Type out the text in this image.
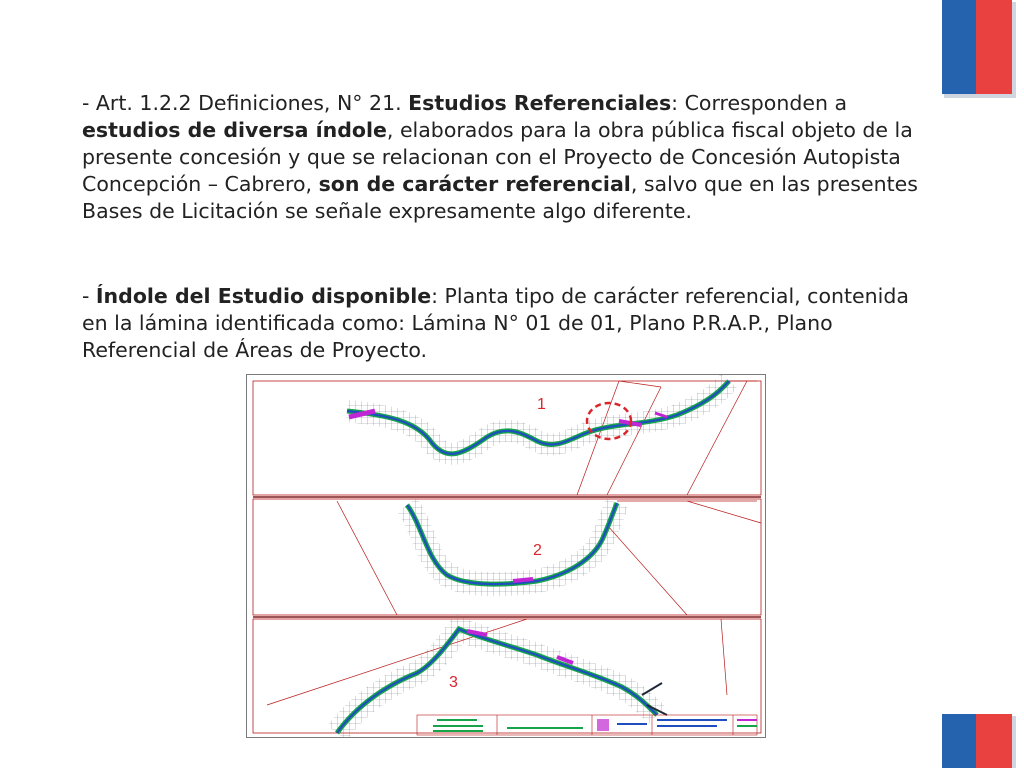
- Art. 1.2.2 Definiciones, N° 21. Estudios Referenciales: Corresponden a estudios de diversa índole, elaborados para la obra pública fiscal objeto de la presente concesión y que se relacionan con el Proyecto de Concesión Autopista Concepción – Cabrero, son de carácter referencial, salvo que en las presentes Bases de Licitación se señale expresamente algo diferente.

- Índole del Estudio disponible: Planta tipo de carácter referencial, contenida en la lámina identificada como: Lámina N° 01 de 01, Plano P.R.A.P., Plano Referencial de Áreas de Proyecto.

1
2
3
